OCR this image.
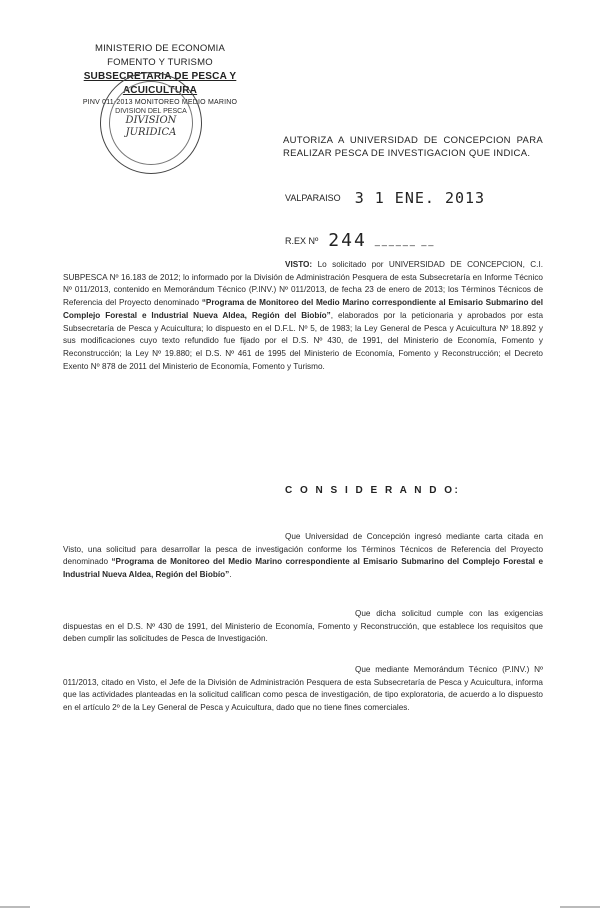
MINISTERIO DE ECONOMIA
FOMENTO Y TURISMO
SUBSECRETARIA DE PESCA Y ACUICULTURA
PINV 011-2013 MONITOREO MEDIO MARINO
DIVISION DEL PESCA
DIVISION
JURIDICA
AUTORIZA A UNIVERSIDAD DE CONCEPCION PARA REALIZAR PESCA DE INVESTIGACION QUE INDICA.
VALPARAISO 3 1 ENE. 2013
R.EX Nº 244 ______ __
VISTO: Lo solicitado por UNIVERSIDAD DE CONCEPCION, C.I. SUBPESCA Nº 16.183 de 2012; lo informado por la División de Administración Pesquera de esta Subsecretaría en Informe Técnico Nº 011/2013, contenido en Memorándum Técnico (P.INV.) Nº 011/2013, de fecha 23 de enero de 2013; los Términos Técnicos de Referencia del Proyecto denominado “Programa de Monitoreo del Medio Marino correspondiente al Emisario Submarino del Complejo Forestal e Industrial Nueva Aldea, Región del Biobío”, elaborados por la peticionaria y aprobados por esta Subsecretaría de Pesca y Acuicultura; lo dispuesto en el D.F.L. Nº 5, de 1983; la Ley General de Pesca y Acuicultura Nº 18.892 y sus modificaciones cuyo texto refundido fue fijado por el D.S. Nº 430, de 1991, del Ministerio de Economía, Fomento y Reconstrucción; la Ley Nº 19.880; el D.S. Nº 461 de 1995 del Ministerio de Economía, Fomento y Reconstrucción; el Decreto Exento Nº 878 de 2011 del Ministerio de Economía, Fomento y Turismo.
C O N S I D E R A N D O:
Que Universidad de Concepción ingresó mediante carta citada en Visto, una solicitud para desarrollar la pesca de investigación conforme los Términos Técnicos de Referencia del Proyecto denominado “Programa de Monitoreo del Medio Marino correspondiente al Emisario Submarino del Complejo Forestal e Industrial Nueva Aldea, Región del Biobío”.
Que dicha solicitud cumple con las exigencias dispuestas en el D.S. Nº 430 de 1991, del Ministerio de Economía, Fomento y Reconstrucción, que establece los requisitos que deben cumplir las solicitudes de Pesca de Investigación.
Que mediante Memorándum Técnico (P.INV.) Nº 011/2013, citado en Visto, el Jefe de la División de Administración Pesquera de esta Subsecretaría de Pesca y Acuicultura, informa que las actividades planteadas en la solicitud califican como pesca de investigación, de tipo exploratoria, de acuerdo a lo dispuesto en el artículo 2º de la Ley General de Pesca y Acuicultura, dado que no tiene fines comerciales.
